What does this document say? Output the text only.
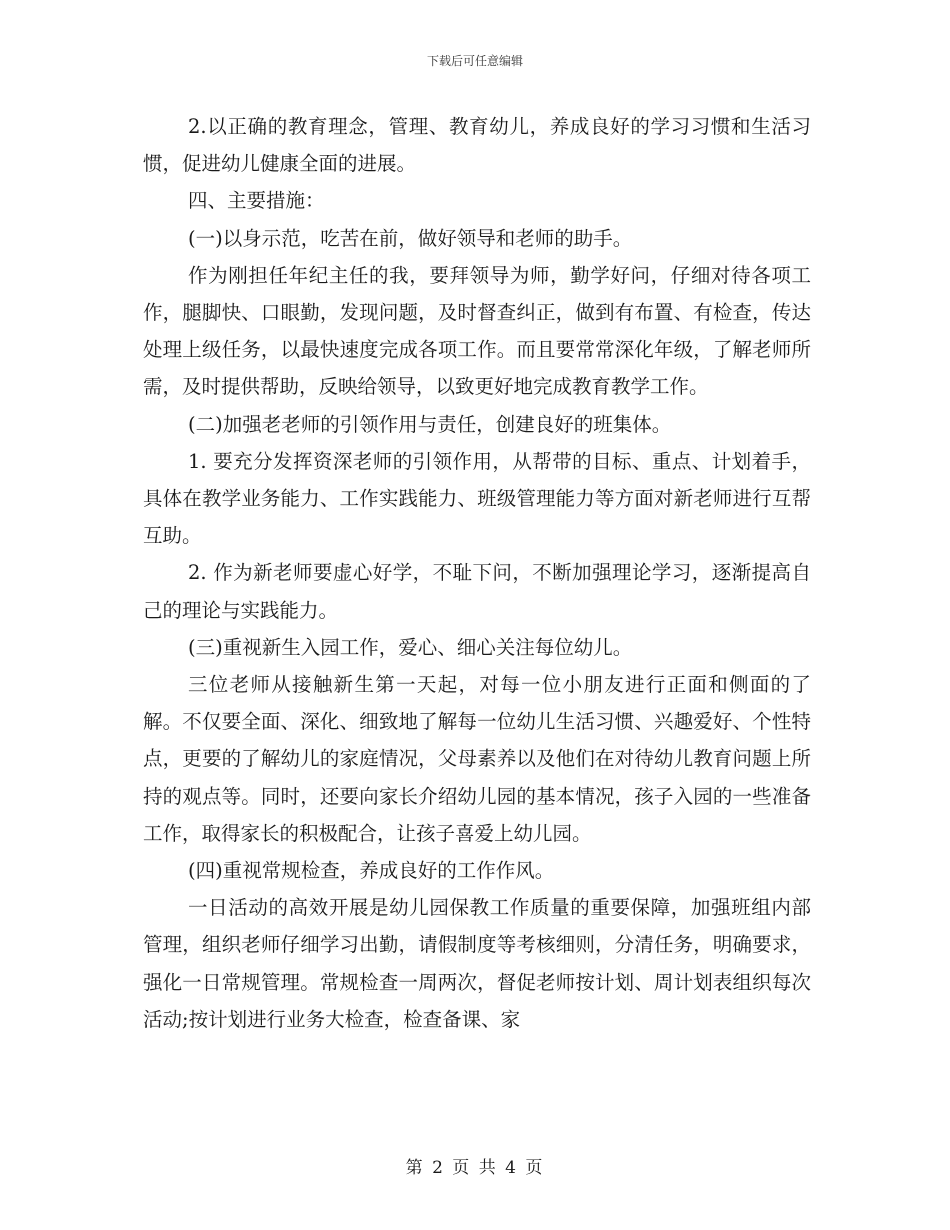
下载后可任意编辑

2.以正确的教育理念，管理、教育幼儿，养成良好的学习习惯和生活习惯，促进幼儿健康全面的进展。

四、主要措施：

(一)以身示范，吃苦在前，做好领导和老师的助手。

作为刚担任年纪主任的我，要拜领导为师，勤学好问，仔细对待各项工作，腿脚快、口眼勤，发现问题，及时督查纠正，做到有布置、有检查，传达处理上级任务，以最快速度完成各项工作。而且要常常深化年级，了解老师所需，及时提供帮助，反映给领导，以致更好地完成教育教学工作。

(二)加强老老师的引领作用与责任，创建良好的班集体。

1. 要充分发挥资深老师的引领作用，从帮带的目标、重点、计划着手，具体在教学业务能力、工作实践能力、班级管理能力等方面对新老师进行互帮互助。

2. 作为新老师要虚心好学，不耻下问，不断加强理论学习，逐渐提高自己的理论与实践能力。

(三)重视新生入园工作，爱心、细心关注每位幼儿。

三位老师从接触新生第一天起，对每一位小朋友进行正面和侧面的了解。不仅要全面、深化、细致地了解每一位幼儿生活习惯、兴趣爱好、个性特点，更要的了解幼儿的家庭情况，父母素养以及他们在对待幼儿教育问题上所持的观点等。同时，还要向家长介绍幼儿园的基本情况，孩子入园的一些准备工作，取得家长的积极配合，让孩子喜爱上幼儿园。

(四)重视常规检查，养成良好的工作作风。

一日活动的高效开展是幼儿园保教工作质量的重要保障，加强班组内部管理，组织老师仔细学习出勤，请假制度等考核细则，分清任务，明确要求，强化一日常规管理。常规检查一周两次，督促老师按计划、周计划表组织每次活动;按计划进行业务大检查，检查备课、家

第 2 页 共 4 页
